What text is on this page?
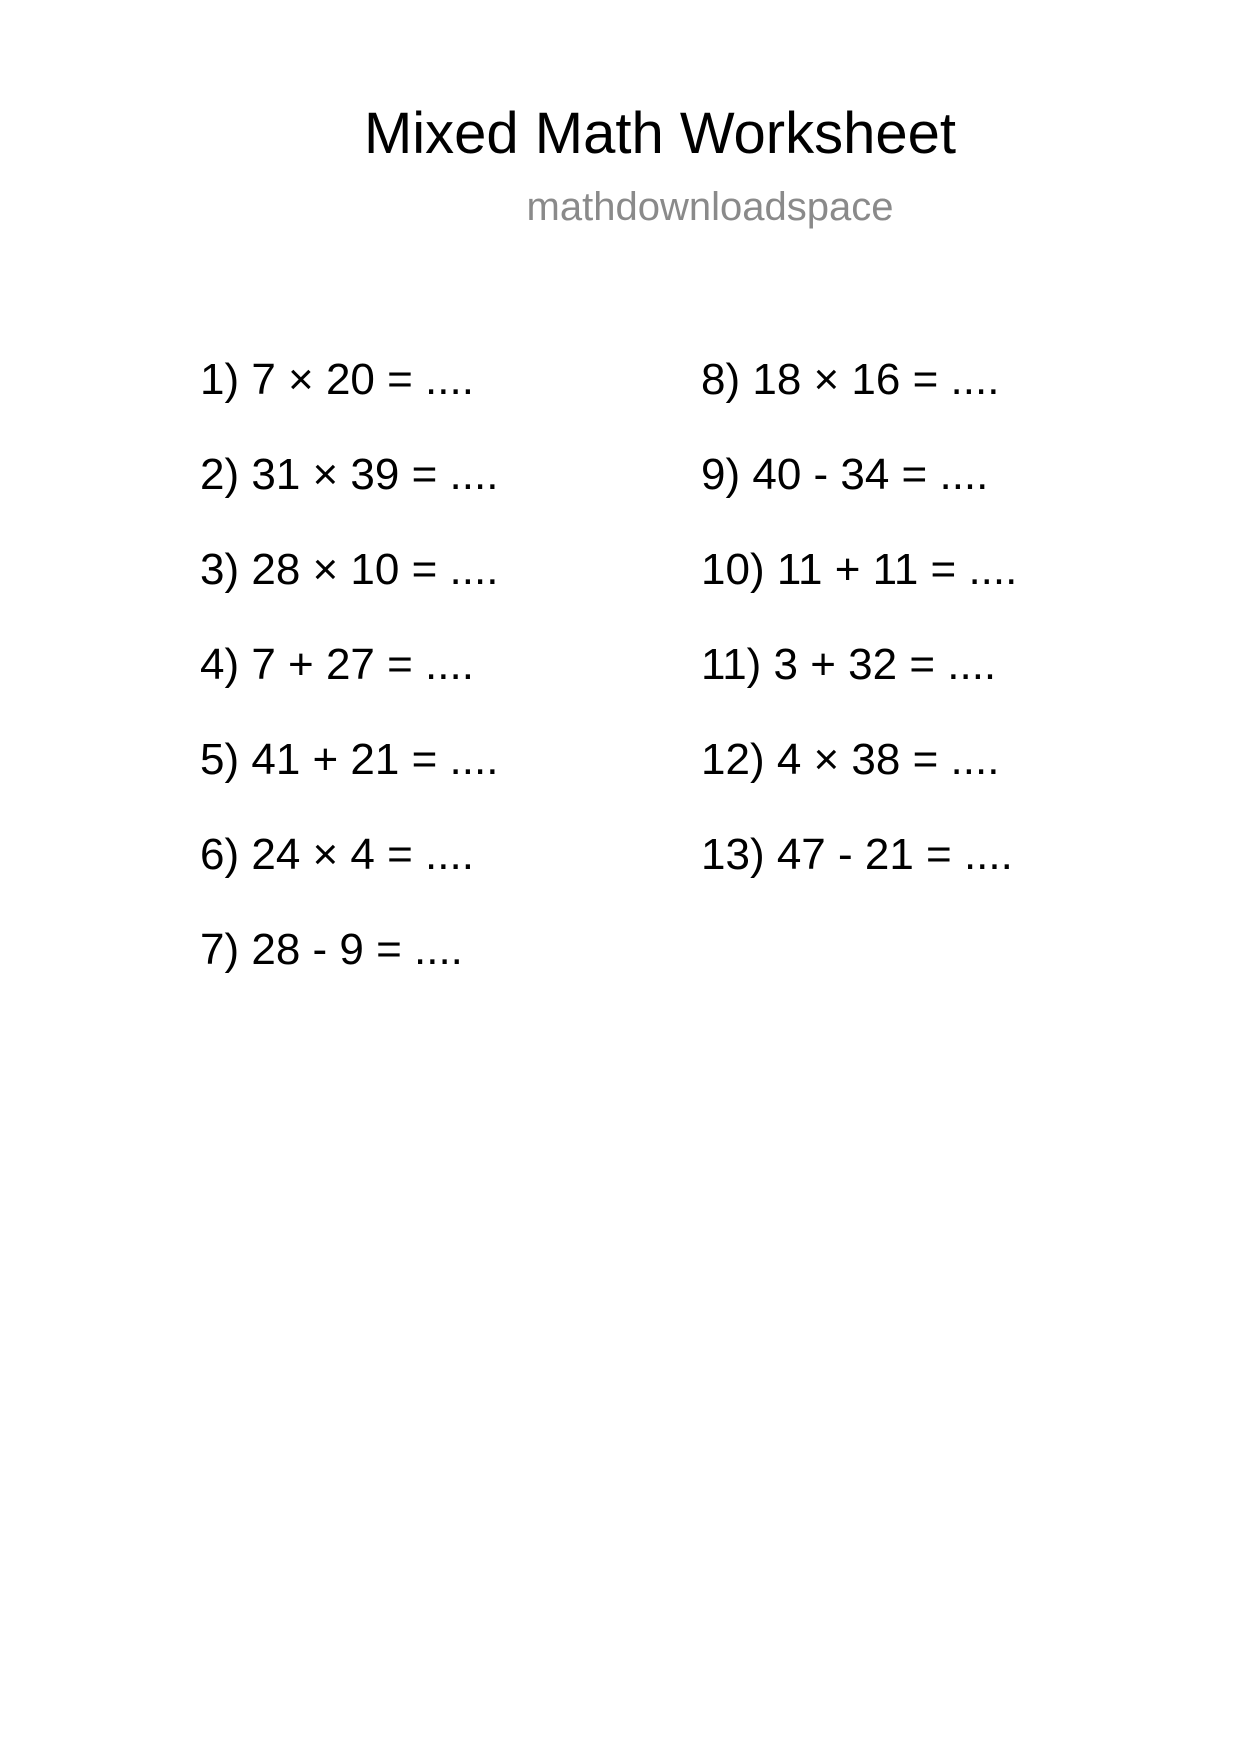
Mixed Math Worksheet
mathdownloadspace
1) 7 × 20 = ....
2) 31 × 39 = ....
3) 28 × 10 = ....
4) 7 + 27 = ....
5) 41 + 21 = ....
6) 24 × 4 = ....
7) 28 - 9 = ....
8) 18 × 16 = ....
9) 40 - 34 = ....
10) 11 + 11 = ....
11) 3 + 32 = ....
12) 4 × 38 = ....
13) 47 - 21 = ....
